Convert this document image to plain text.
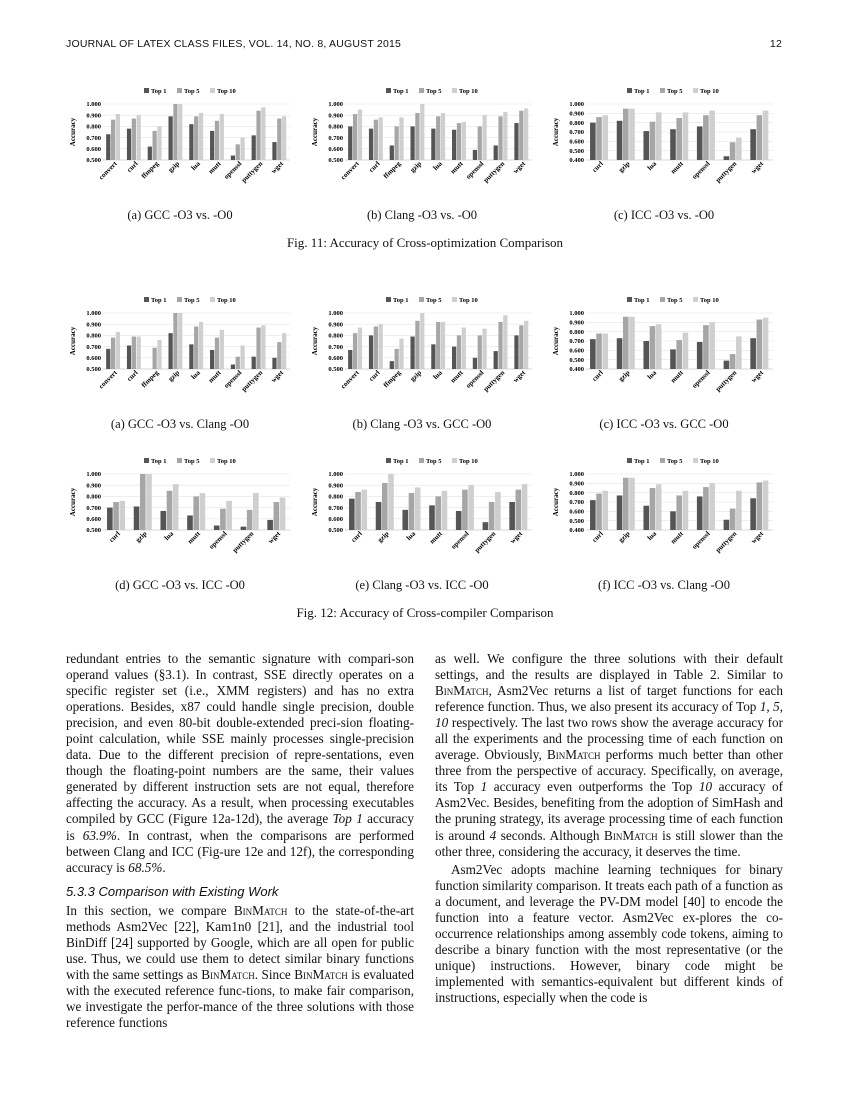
JOURNAL OF LATEX CLASS FILES, VOL. 14, NO. 8, AUGUST 2015	12
Top 1	Top 5	Top 10
0.500
0.600
0.700
0.800
0.900
1.000
Accuracy
convert curl ffmpeg gzip lua mutt openssl
puttygen wget
Top 1	Top 5	Top 10
0.500
0.600
0.700
0.800
0.900
1.000
Accuracy
convert curl ffmpeg gzip lua mutt openssl
puttygen wget
Top 1	Top 5	Top 10
0.400
0.500
0.600
0.700
0.800
0.900
1.000
Accuracy
curl gzip lua mutt openssl puttygen wget
(a) GCC -O3 vs. -O0	(b) Clang -O3 vs. -O0	(c) ICC -O3 vs. -O0
Fig. 11: Accuracy of Cross-optimization Comparison
Top 1	Top 5	Top 10
0.500
0.600
0.700
0.800
0.900
1.000
Accuracy
convert curl ffmpeg gzip lua mutt openssl
puttygen wget
Top 1	Top 5	Top 10
0.500
0.600
0.700
0.800
0.900
1.000
Accuracy
convert curl ffmpeg gzip lua mutt openssl
puttygen wget
Top 1	Top 5	Top 10
0.400
0.500
0.600
0.700
0.800
0.900
1.000
Accuracy
curl gzip lua mutt openssl puttygen wget
(a) GCC -O3 vs. Clang -O0	(b) Clang -O3 vs. GCC -O0	(c) ICC -O3 vs. GCC -O0
Top 1	Top 5	Top 10
0.500
0.600
0.700
0.800
0.900
1.000
Accuracy
curl gzip lua mutt openssl puttygen wget
Top 1	Top 5	Top 10
0.500
0.600
0.700
0.800
0.900
1.000
Accuracy
curl gzip lua mutt openssl puttygen wget
Top 1	Top 5	Top 10
0.400
0.500
0.600
0.700
0.800
0.900
1.000
Accuracy
curl gzip lua mutt openssl puttygen wget
(d) GCC -O3 vs. ICC -O0	(e) Clang -O3 vs. ICC -O0	(f) ICC -O3 vs. Clang -O0
Fig. 12: Accuracy of Cross-compiler Comparison

redundant entries to the semantic signature with compari-son operand values (§3.1). In contrast, SSE directly operates on a specific register set (i.e., XMM registers) and has no extra operations. Besides, x87 could handle single precision, double precision, and even 80-bit double-extended preci-sion floating-point calculation, while SSE mainly processes single-precision data. Due to the different precision of repre-sentations, even though the floating-point numbers are the same, their values generated by different instruction sets are not equal, therefore affecting the accuracy. As a result, when processing executables compiled by GCC (Figure 12a-12d), the average Top 1 accuracy is 63.9%. In contrast, when the comparisons are performed between Clang and ICC (Fig-ure 12e and 12f), the corresponding accuracy is 68.5%.

5.3.3 Comparison with Existing Work

In this section, we compare BinMatch to the state-of-the-art methods Asm2Vec [22], Kam1n0 [21], and the industrial tool BinDiff [24] supported by Google, which are all open for public use. Thus, we could use them to detect similar binary functions with the same settings as BinMatch. Since BinMatch is evaluated with the executed reference func-tions, to make fair comparison, we investigate the perfor-mance of the three solutions with those reference functions

as well. We configure the three solutions with their default settings, and the results are displayed in Table 2. Similar to BinMatch, Asm2Vec returns a list of target functions for each reference function. Thus, we also present its accuracy of Top 1, 5, 10 respectively. The last two rows show the average accuracy for all the experiments and the processing time of each function on average. Obviously, BinMatch performs much better than other three from the perspective of accuracy. Specifically, on average, its Top 1 accuracy even outperforms the Top 10 accuracy of Asm2Vec. Besides, benefiting from the adoption of SimHash and the pruning strategy, its average processing time of each function is around 4 seconds. Although BinMatch is still slower than the other three, considering the accuracy, it deserves the time.

Asm2Vec adopts machine learning techniques for binary function similarity comparison. It treats each path of a function as a document, and leverage the PV-DM model [40] to encode the function into a feature vector. Asm2Vec ex-plores the co-occurrence relationships among assembly code tokens, aiming to describe a binary function with the most representative (or the unique) instructions. However, binary code might be implemented with semantics-equivalent but different kinds of instructions, especially when the code is
